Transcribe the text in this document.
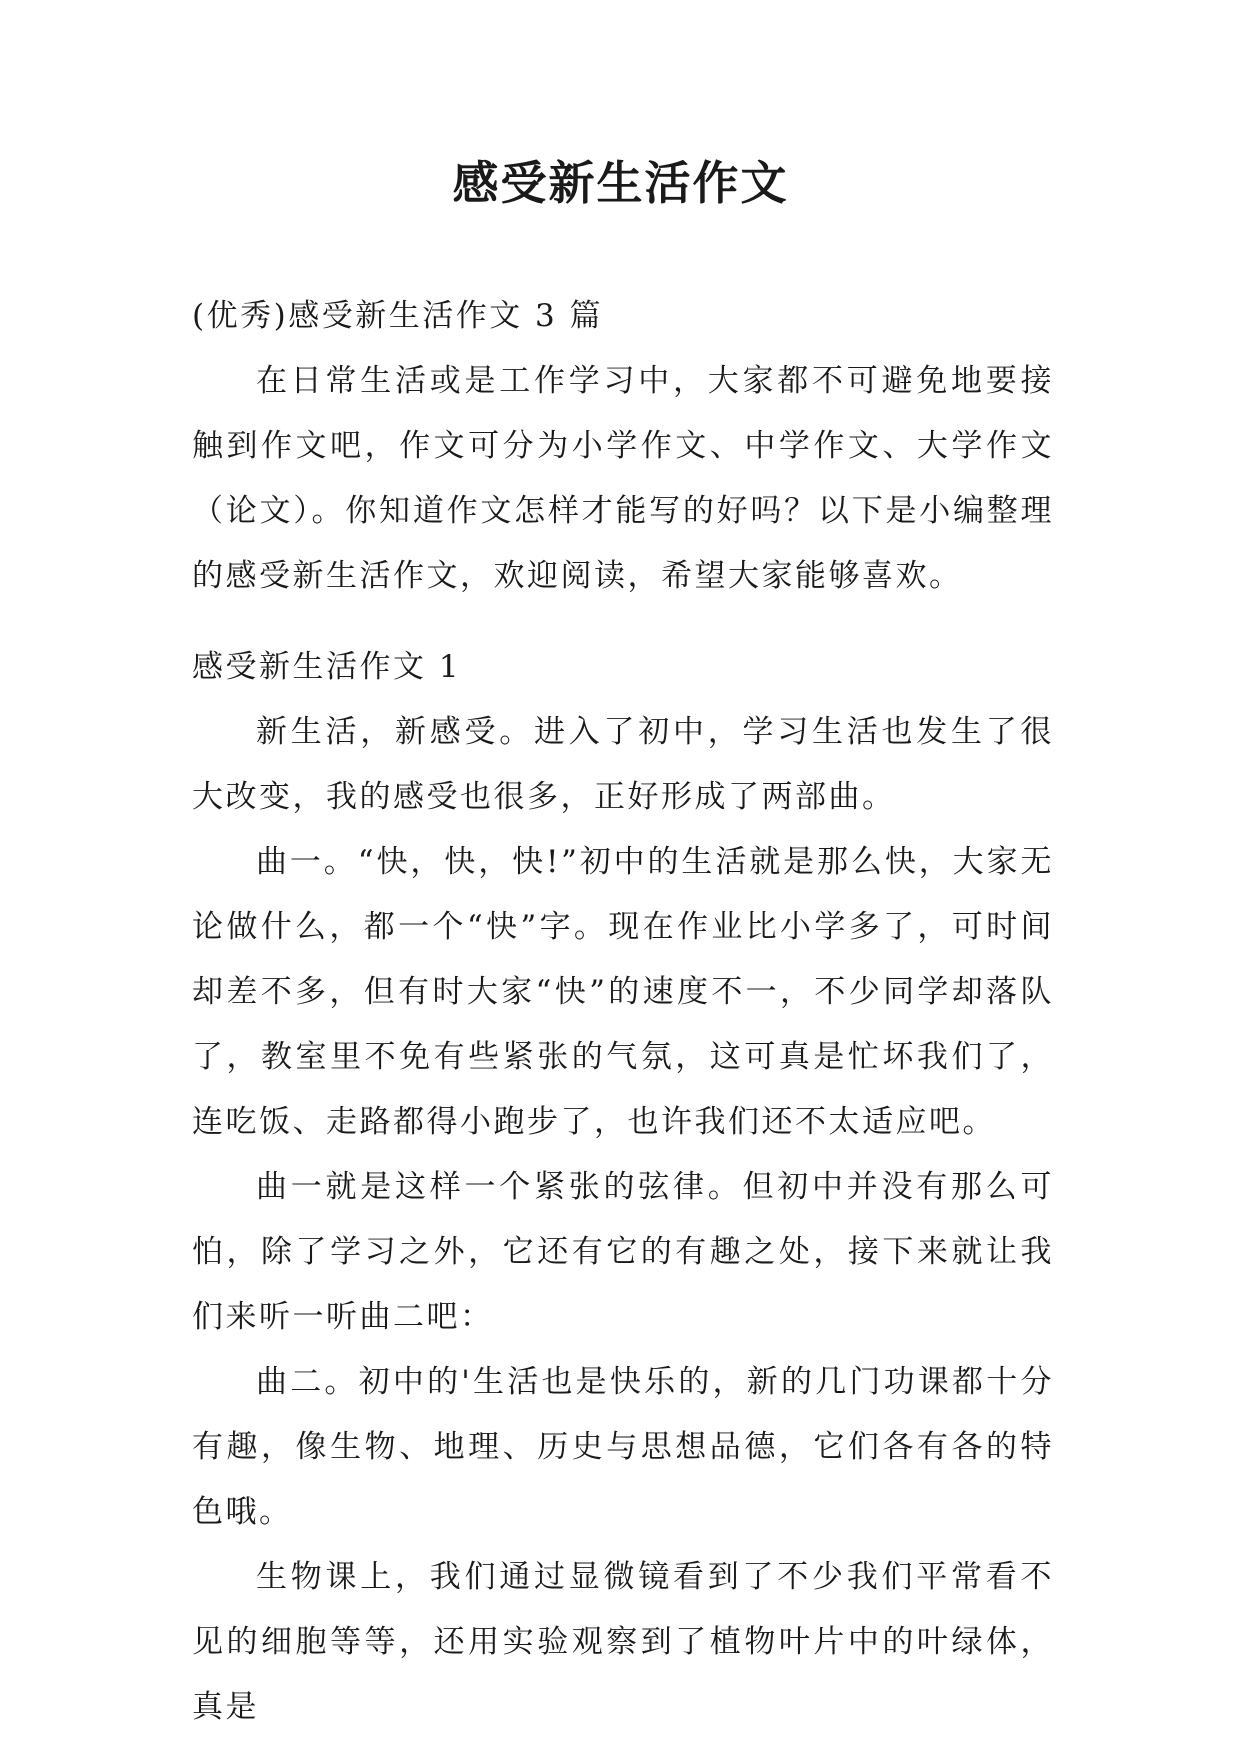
感受新生活作文

(优秀)感受新生活作文 3 篇

在日常生活或是工作学习中，大家都不可避免地要接触到作文吧，作文可分为小学作文、中学作文、大学作文（论文）。你知道作文怎样才能写的好吗？以下是小编整理的感受新生活作文，欢迎阅读，希望大家能够喜欢。

感受新生活作文 1

新生活，新感受。进入了初中，学习生活也发生了很大改变，我的感受也很多，正好形成了两部曲。

曲一。“快，快，快!”初中的生活就是那么快，大家无论做什么，都一个“快”字。现在作业比小学多了，可时间却差不多，但有时大家“快”的速度不一，不少同学却落队了，教室里不免有些紧张的气氛，这可真是忙坏我们了，连吃饭、走路都得小跑步了，也许我们还不太适应吧。

曲一就是这样一个紧张的弦律。但初中并没有那么可怕，除了学习之外，它还有它的有趣之处，接下来就让我们来听一听曲二吧：

曲二。初中的'生活也是快乐的，新的几门功课都十分有趣，像生物、地理、历史与思想品德，它们各有各的特色哦。

生物课上，我们通过显微镜看到了不少我们平常看不见的细胞等等，还用实验观察到了植物叶片中的叶绿体，真是
